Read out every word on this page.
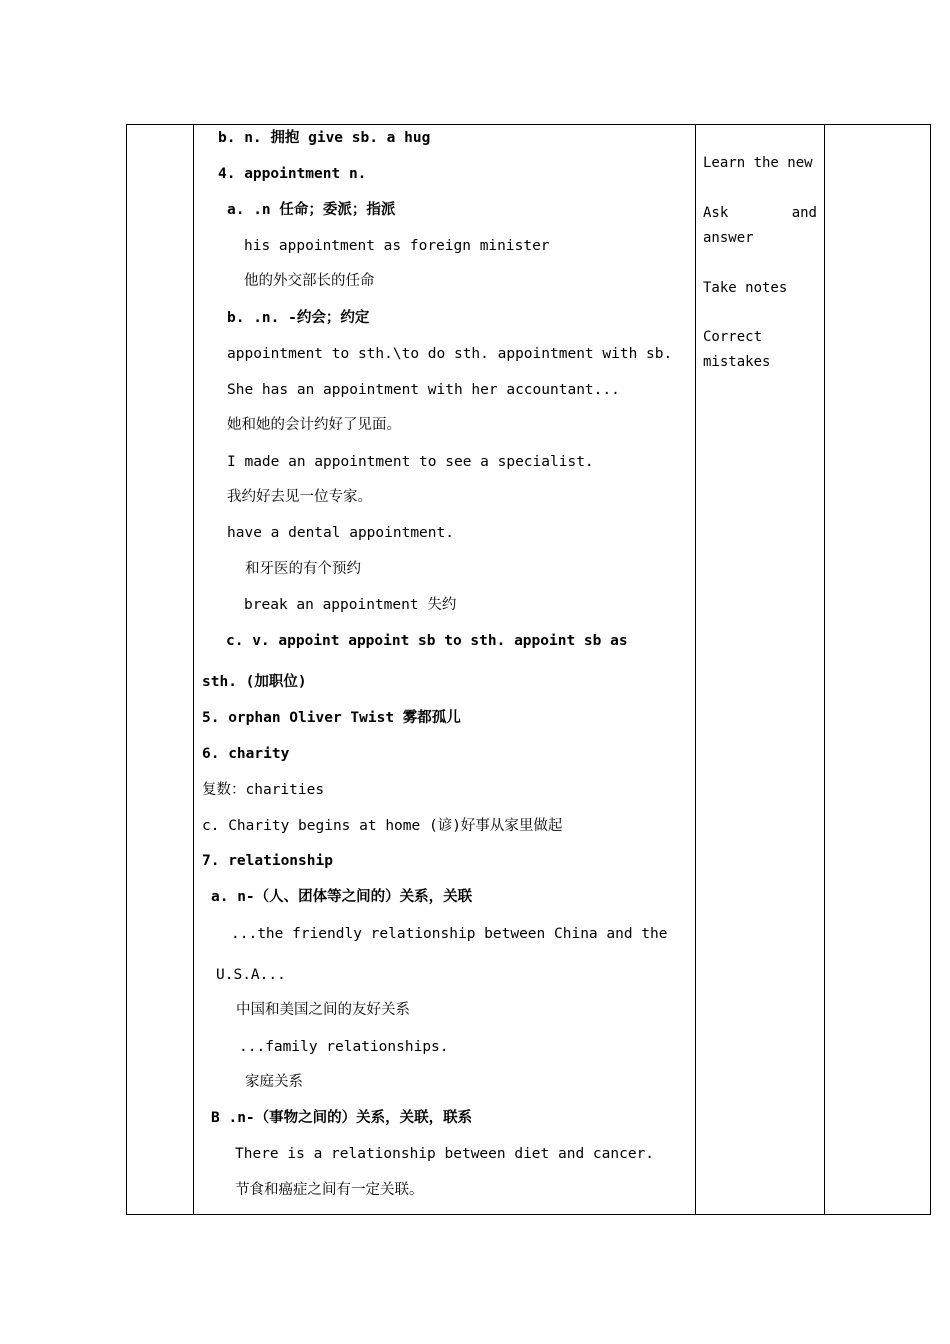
b. n. 拥抱 give sb. a hug
4. appointment n.
a. .n 任命；委派；指派
his appointment as foreign minister
他的外交部长的任命
b. .n. -约会；约定
appointment to sth.\to do sth. appointment with sb.
She has an appointment with her accountant...
她和她的会计约好了见面。
I made an appointment to see a specialist.
我约好去见一位专家。
have a dental appointment.
和牙医的有个预约
break an appointment 失约
c. v. appoint appoint sb to sth. appoint sb as
sth. (加职位)
5. orphan Oliver Twist 雾都孤儿
6. charity
复数：charities
c. Charity begins at home (谚)好事从家里做起
7. relationship
a. n-（人、团体等之间的）关系，关联
...the friendly relationship between China and the
U.S.A...
中国和美国之间的友好关系
...family relationships.
家庭关系
B .n-（事物之间的）关系，关联，联系
There is a relationship between diet and cancer.
节食和癌症之间有一定关联。
Learn the new
Ask	and
answer
Take notes
Correct
mistakes
